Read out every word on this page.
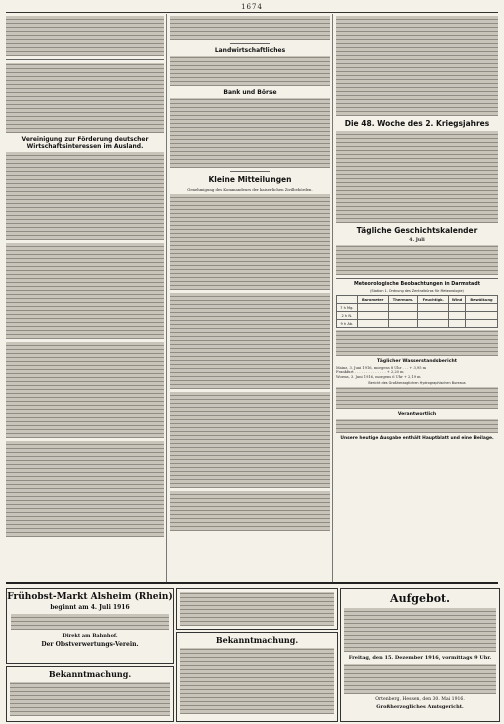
1674
Vereinigung zur Förderung deutscher Wirtschaftsinteressen im Ausland.
Landwirtschaftliches
Bank und Börse
Kleine Mitteilungen
Genehmigung des Kommandeurs der kaiserlichen Zivilbehörden.
Die 48. Woche des 2. Kriegsjahres
Tägliche Geschichtskalender
4. Juli
Meteorologische Beobachtungen in Darmstadt
(Station 1. Ordnung des Zentralbüros für Meteorologie)
	Barometer	Thermom.	Feuchtigk.	Wind	Bewölkung
7 h Mg.					
2 h N.					
9 h Ab.					
Täglicher Wasserstandsbericht
Mainz, 3. Juni 1916, morgens 8 Uhr . . . + 3,95 m
Frankfurt . . . . . . . . . . . . . . + 2,20 m
Worms, 3. Juni 1916, morgens 6 Uhr + 2,19 m
Bericht des Großherzoglichen Hydrographischen Bureaus
Verantwortlich
Unsere heutige Ausgabe enthält Hauptblatt und eine Beilage.
Frühobst-Markt Alsheim (Rhein)
beginnt am 4. Juli 1916
Direkt am Bahnhof.
Der Obstverwertungs-Verein.
Bekanntmachung.
Bekanntmachung.
Aufgebot.
Freitag, den 15. Dezember 1916, vormittags 9 Uhr.
Ortenberg, Hessen, den 30. Mai 1916.
Großherzogliches Amtsgericht.
